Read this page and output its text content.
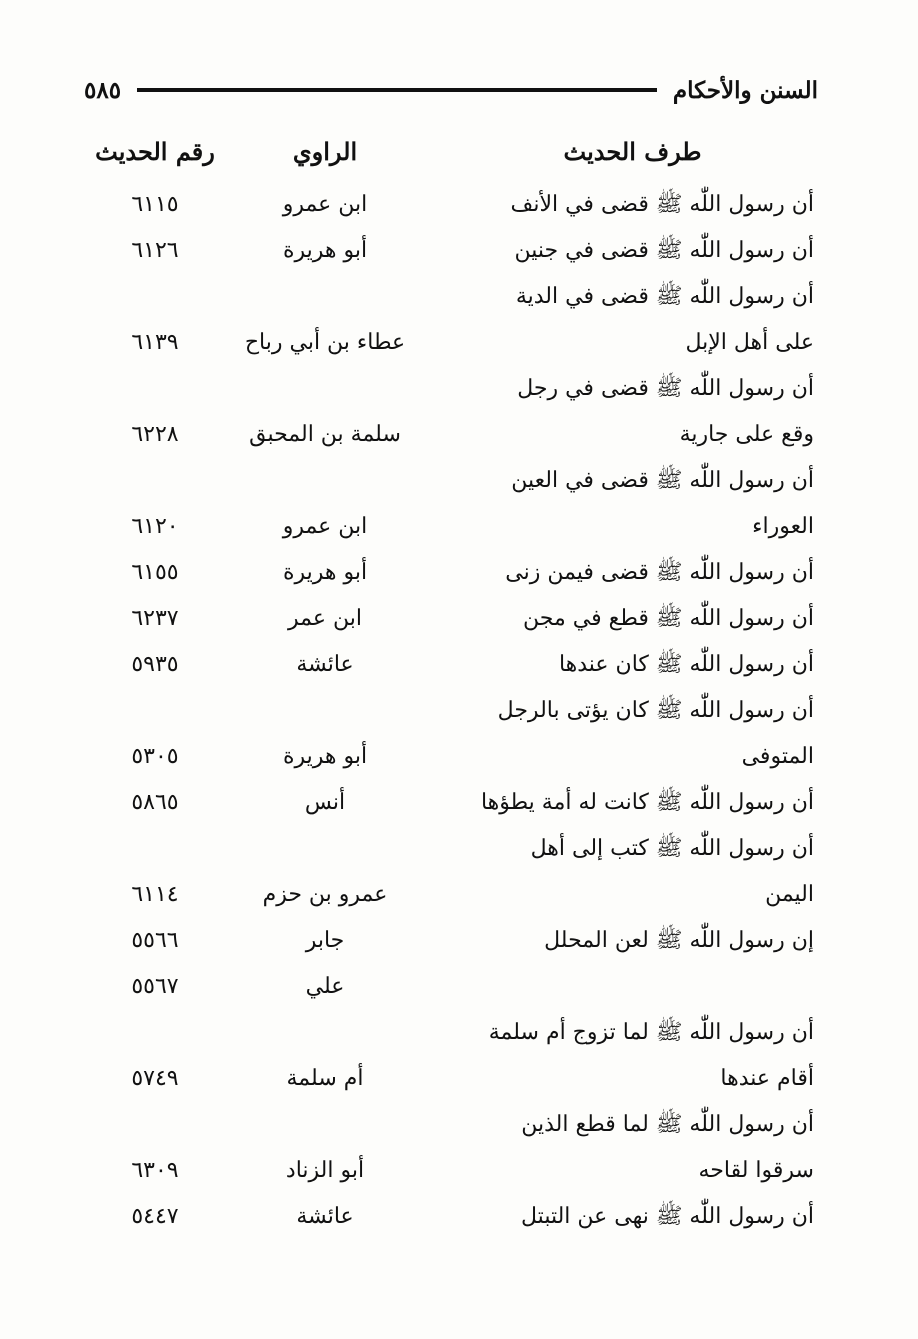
السنن والأحكام
٥٨٥
طرف الحديث
الراوي
رقم الحديث
أن رسول اللّٰه ﷺ قضى في الأنف
ابن عمرو
٦١١٥
أن رسول اللّٰه ﷺ قضى في جنين
أبو هريرة
٦١٢٦
أن رسول اللّٰه ﷺ قضى في الدية
على أهل الإبل
عطاء بن أبي رباح
٦١٣٩
أن رسول اللّٰه ﷺ قضى في رجل
وقع على جارية
سلمة بن المحبق
٦٢٢٨
أن رسول اللّٰه ﷺ قضى في العين
العوراء
ابن عمرو
٦١٢٠
أن رسول اللّٰه ﷺ قضى فيمن زنى
أبو هريرة
٦١٥٥
أن رسول اللّٰه ﷺ قطع في مجن
ابن عمر
٦٢٣٧
أن رسول اللّٰه ﷺ كان عندها
عائشة
٥٩٣٥
أن رسول اللّٰه ﷺ كان يؤتى بالرجل
المتوفى
أبو هريرة
٥٣٠٥
أن رسول اللّٰه ﷺ كانت له أمة يطؤها
أنس
٥٨٦٥
أن رسول اللّٰه ﷺ كتب إلى أهل
اليمن
عمرو بن حزم
٦١١٤
إن رسول اللّٰه ﷺ لعن المحلل
جابر
٥٥٦٦
علي
٥٥٦٧
أن رسول اللّٰه ﷺ لما تزوج أم سلمة
أقام عندها
أم سلمة
٥٧٤٩
أن رسول اللّٰه ﷺ لما قطع الذين
سرقوا لقاحه
أبو الزناد
٦٣٠٩
أن رسول اللّٰه ﷺ نهى عن التبتل
عائشة
٥٤٤٧
